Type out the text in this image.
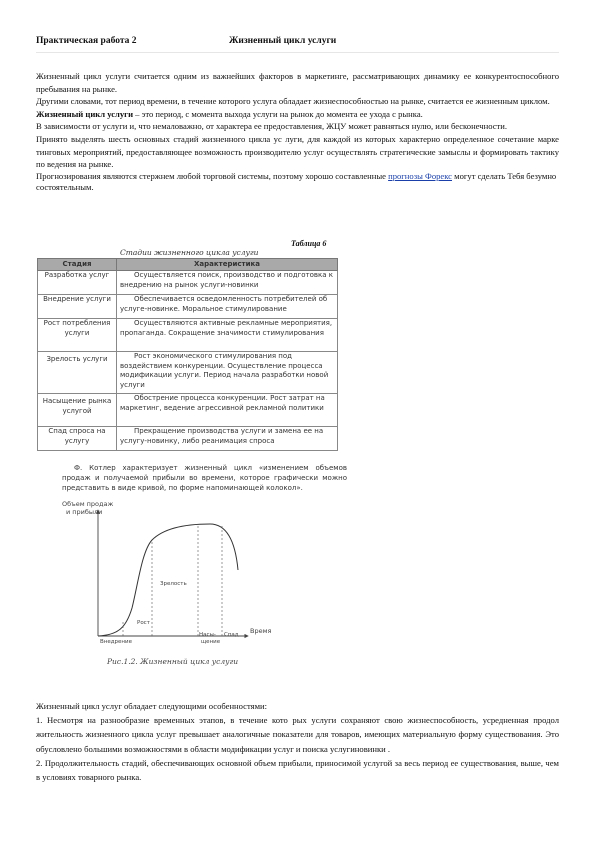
Практическая работа 2	Жизненный цикл услуги

Жизненный цикл услуги считается одним из важнейших факторов в маркетинге, рассматривающих динамику ее конкурентоспособного пребывания на рынке.

Другими словами, тот период времени, в течение которого услуга обладает жизнеспособностью на рынке, считается ее жизненным циклом.

Жизненный цикл услуги – это период, с момента выхода услуги на рынок до момента ее ухода с рынка.

В зависимости от услуги и, что немаловажно, от характера ее предоставления, ЖЦУ может равняться нулю, или бесконечности.

Принято выделять шесть основных стадий жизненного цикла ус луги, для каждой из которых характерно определенное сочетание марке тинговых мероприятий, предоставляющее возможность производителю услуг осуществлять стратегические замыслы и формировать тактику по ведения на рынке.

Прогнозирования являются стержнем любой торговой системы, поэтому хорошо составленные прогнозы Форекс могут сделать Тебя безумно состоятельным.

Таблица 6
Стадии жизненного цикла услуги
Стадия	Характеристика
Разработка услуг	Осуществляется поиск, производство и подготовка к внедрению на рынок услуги-новинки
Внедрение услуги	Обеспечивается осведомленность потребителей об услуге-новинке. Моральное стимулирование
Рост потребления услуги	Осуществляются активные рекламные мероприятия, пропаганда. Сокращение значимости стимулирования
Зрелость услуги	Рост экономического стимулирования под воздействием конкуренции. Осуществление процесса модификации услуги. Период начала разработки новой услуги
Насыщение рынка услугой	Обострение процесса конкуренции. Рост затрат на маркетинг, ведение агрессивной рекламной политики
Спад спроса на услугу	Прекращение производства услуги и замена ее на услугу-новинку, либо реанимация спроса
Ф. Котлер характеризует жизненный цикл «изменением объемов продаж и получаемой прибыли во времени, которое графически можно представить в виде кривой, по форме напоминающей колокол».
Объем продаж
и прибыли
Время
Внедрение
Рост
Зрелость
Насы-
щение
Спад
Рис.1.2. Жизненный цикл услуги

Жизненный цикл услуг обладает следующими особенностями:

1. Несмотря на разнообразие временных этапов, в течение кото рых услуги сохраняют свою жизнеспособность, усредненная продол жительность жизненного цикла услуг превышает аналогичные показатели для товаров, имеющих материальную форму существования. Это обусловлено большими возможностями в области модификации услуг и поиска услугиновинки .

2. Продолжительность стадий, обеспечивающих основной объем прибыли, приносимой услугой за весь период ее существования, выше, чем в условиях товарного рынка.
